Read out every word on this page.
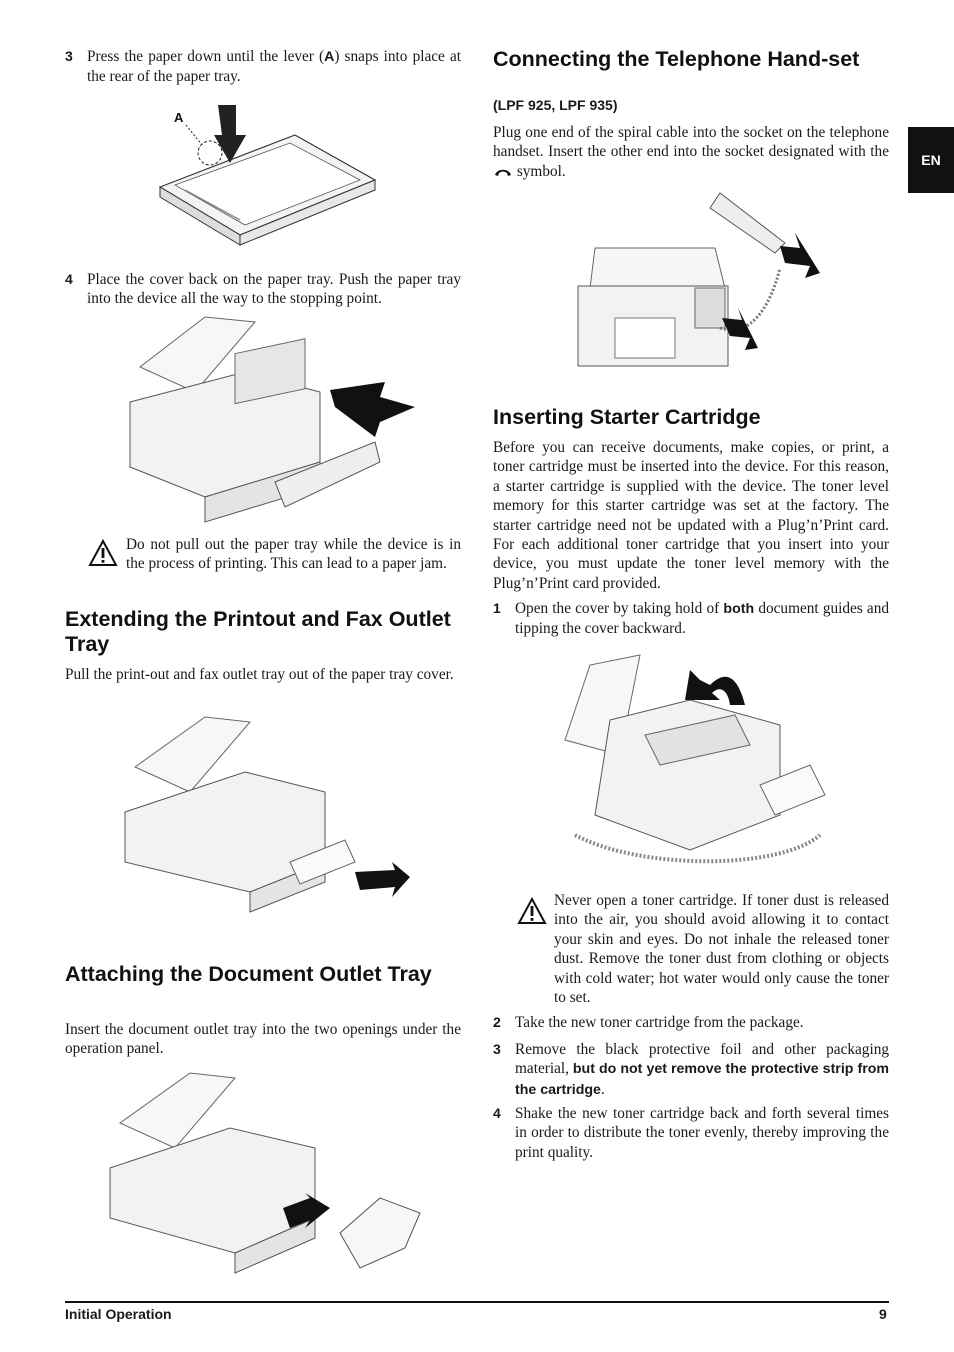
EN
3 Press the paper down until the lever (A) snaps into place at the rear of the paper tray.
A
4 Place the cover back on the paper tray. Push the paper tray into the device all the way to the stopping point.
Do not pull out the paper tray while the device is in the process of printing. This can lead to a paper jam.
Extending the Printout and Fax Outlet Tray
Pull the print-out and fax outlet tray out of the paper tray cover.
Attaching the Document Outlet Tray
Insert the document outlet tray into the two openings under the operation panel.
Connecting the Telephone Hand-set
(LPF 925, LPF 935)
Plug one end of the spiral cable into the socket on the telephone handset. Insert the other end into the socket designated with the  symbol.
Inserting Starter Cartridge
Before you can receive documents, make copies, or print, a toner cartridge must be inserted into the device. For this reason, a starter cartridge is supplied with the device. The toner level memory for this starter cartridge was set at the factory. The starter cartridge need not be updated with a Plug’n’Print card. For each additional toner cartridge that you insert into your device, you must update the toner level memory with the Plug’n’Print card provided.
1 Open the cover by taking hold of both document guides and tipping the cover backward.
Never open a toner cartridge. If toner dust is released into the air, you should avoid allowing it to contact your skin and eyes. Do not inhale the released toner dust. Remove the toner dust from clothing or objects with cold water; hot water would only cause the toner to set.
2 Take the new toner cartridge from the package.
3 Remove the black protective foil and other packaging material, but do not yet remove the protective strip from the cartridge.
4 Shake the new toner cartridge back and forth several times in order to distribute the toner evenly, thereby improving the print quality.
Initial Operation	9
